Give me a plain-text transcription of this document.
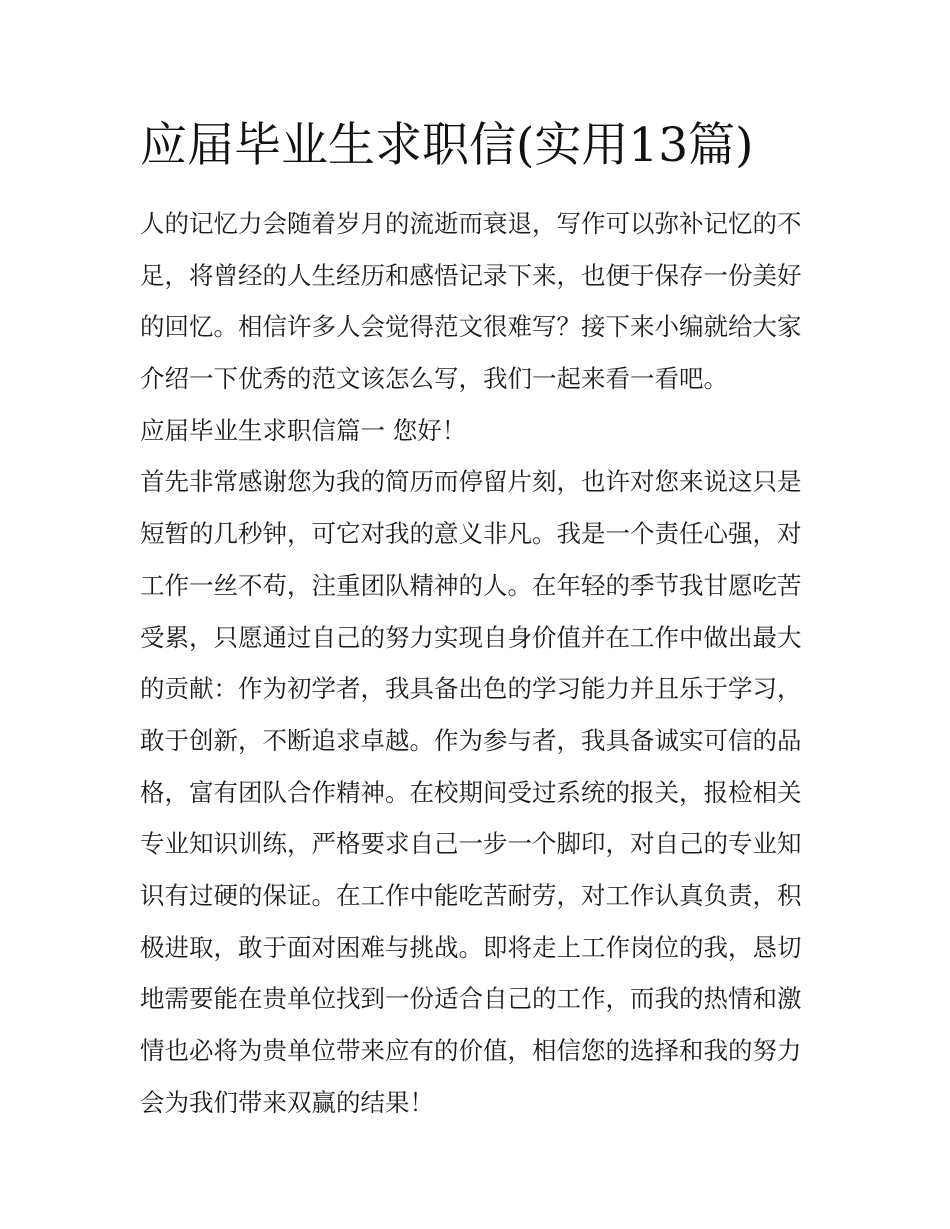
应届毕业生求职信(实用13篇)
人的记忆力会随着岁月的流逝而衰退，写作可以弥补记忆的不
足，将曾经的人生经历和感悟记录下来，也便于保存一份美好
的回忆。相信许多人会觉得范文很难写？接下来小编就给大家
介绍一下优秀的范文该怎么写，我们一起来看一看吧。
应届毕业生求职信篇一 您好！
首先非常感谢您为我的简历而停留片刻，也许对您来说这只是
短暂的几秒钟，可它对我的意义非凡。我是一个责任心强，对
工作一丝不苟，注重团队精神的人。在年轻的季节我甘愿吃苦
受累，只愿通过自己的努力实现自身价值并在工作中做出最大
的贡献：作为初学者，我具备出色的学习能力并且乐于学习，
敢于创新，不断追求卓越。作为参与者，我具备诚实可信的品
格，富有团队合作精神。在校期间受过系统的报关，报检相关
专业知识训练，严格要求自己一步一个脚印，对自己的专业知
识有过硬的保证。在工作中能吃苦耐劳，对工作认真负责，积
极进取，敢于面对困难与挑战。即将走上工作岗位的我，恳切
地需要能在贵单位找到一份适合自己的工作，而我的热情和激
情也必将为贵单位带来应有的价值，相信您的选择和我的努力
会为我们带来双赢的结果！
